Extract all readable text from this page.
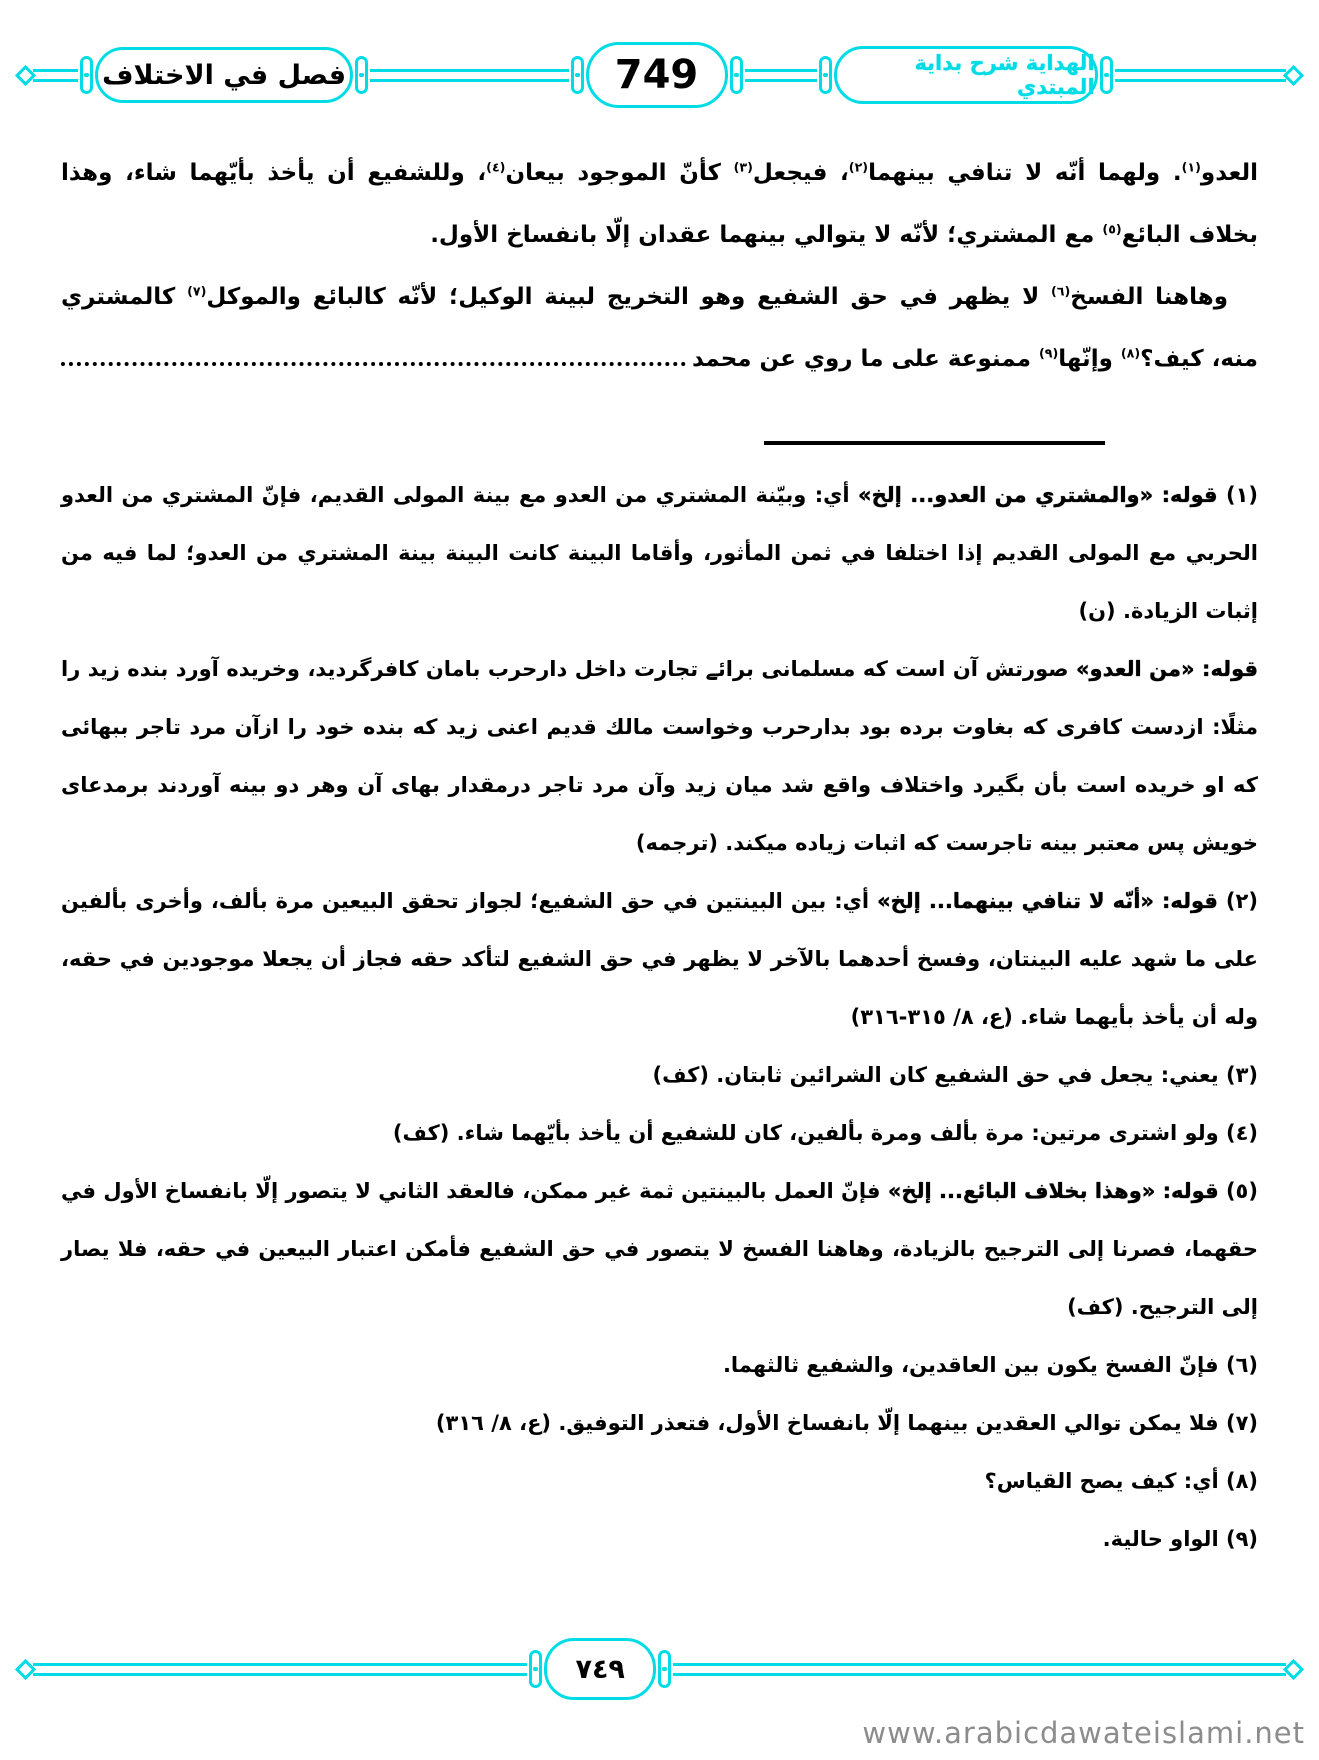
فصل في الاختلاف	749	الهداية شرح بداية المبتدي
العدو$^{(١)}$. ولهما أنّه لا تنافي بينهما$^{(٢)}$، فيجعل$^{(٣)}$ كأنّ الموجود بيعان$^{(٤)}$، وللشفيع أن يأخذ بأيّهما شاء، وهذا
بخلاف البائع$^{(٥)}$ مع المشتري؛ لأنّه لا يتوالي بينهما عقدان إلّا بانفساخ الأول.
وهاهنا الفسخ$^{(٦)}$ لا يظهر في حق الشفيع وهو التخريج لبينة الوكيل؛ لأنّه كالبائع والموكل$^{(٧)}$ كالمشتري
منه، كيف؟$^{(٨)}$ وإنّها$^{(٩)}$ ممنوعة على ما روي عن محمد

(١) قوله: «والمشتري من العدو... إلخ» أي: وبيّنة المشتري من العدو مع بينة المولى القديم، فإنّ المشتري من العدو الحربي مع المولى القديم إذا اختلفا في ثمن المأثور، وأقاما البينة كانت البينة بينة المشتري من العدو؛ لما فيه من إثبات الزيادة. (ن)

قوله: «من العدو» صورتش آن است كه مسلمانى برائے تجارت داخل دارحرب بامان كافرگرديد، وخريده آورد بنده زيد را مثلًا: ازدست كافرى كه بغاوت برده بود بدارحرب وخواست مالك قديم اعنى زيد كه بنده خود را ازآن مرد تاجر ببهائى كه او خريده است بأن بگيرد واختلاف واقع شد ميان زيد وآن مرد تاجر درمقدار بهاى آن وهر دو بينه آوردند برمدعاى خويش پس معتبر بينه تاجرست كه اثبات زياده ميكند. (ترجمه)

(٢) قوله: «أنّه لا تنافي بينهما... إلخ» أي: بين البينتين في حق الشفيع؛ لجواز تحقق البيعين مرة بألف، وأخرى بألفين على ما شهد عليه البينتان، وفسخ أحدهما بالآخر لا يظهر في حق الشفيع لتأكد حقه فجاز أن يجعلا موجودين في حقه، وله أن يأخذ بأيهما شاء. (ع، ٨/ ٣١٥-٣١٦)

(٣) يعني: يجعل في حق الشفيع كان الشرائين ثابتان. (كف)

(٤) ولو اشترى مرتين: مرة بألف ومرة بألفين، كان للشفيع أن يأخذ بأيّهما شاء. (كف)

(٥) قوله: «وهذا بخلاف البائع... إلخ» فإنّ العمل بالبينتين ثمة غير ممكن، فالعقد الثاني لا يتصور إلّا بانفساخ الأول في حقهما، فصرنا إلى الترجيح بالزيادة، وهاهنا الفسخ لا يتصور في حق الشفيع فأمكن اعتبار البيعين في حقه، فلا يصار إلى الترجيح. (كف)

(٦) فإنّ الفسخ يكون بين العاقدين، والشفيع ثالثهما.

(٧) فلا يمكن توالي العقدين بينهما إلّا بانفساخ الأول، فتعذر التوفيق. (ع، ٨/ ٣١٦)

(٨) أي: كيف يصح القياس؟

(٩) الواو حالية.

٧٤٩
www.arabicdawateislami.net
